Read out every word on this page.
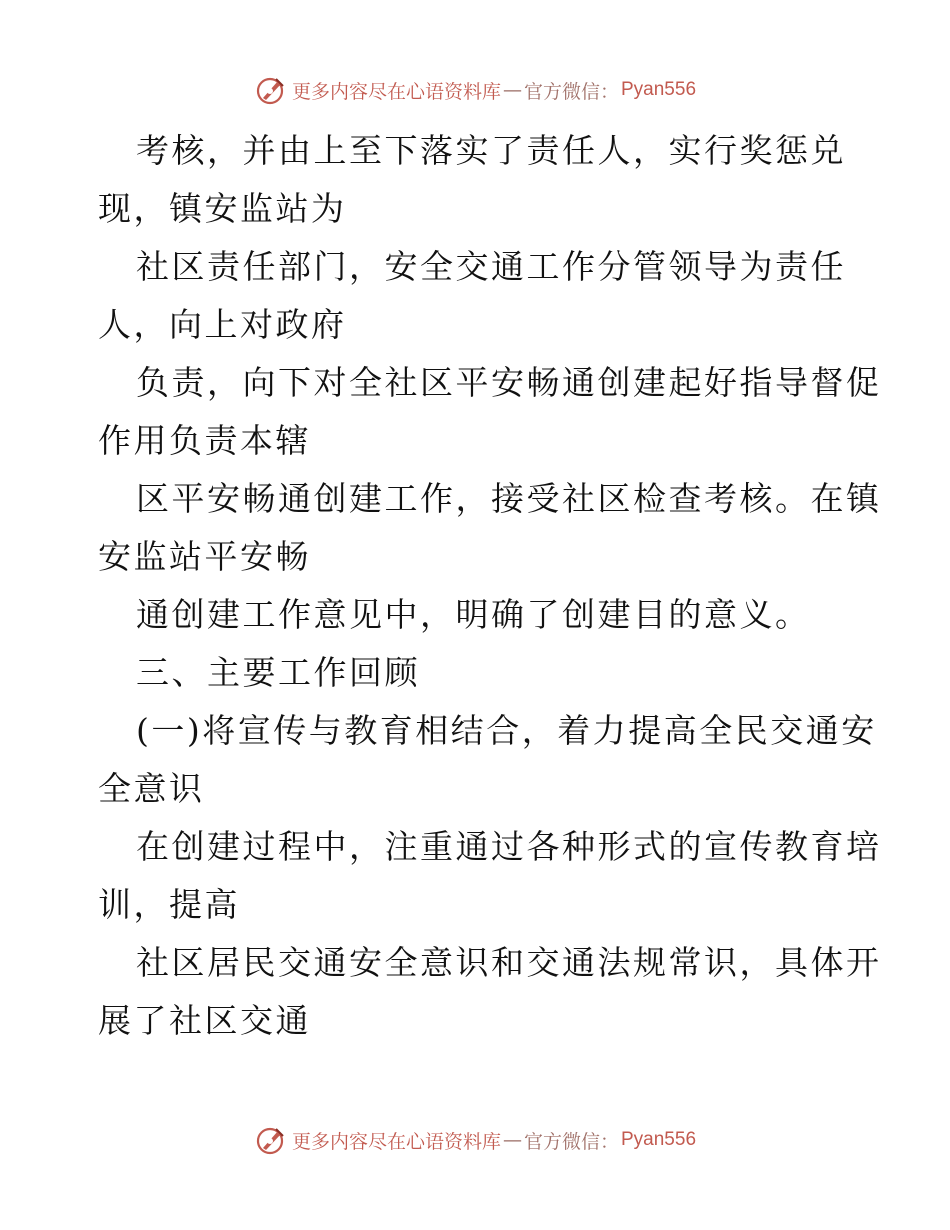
更多内容尽在心语资料库 — 官方微信： Pyan556
考核，并由上至下落实了责任人，实行奖惩兑
现，镇安监站为
社区责任部门，安全交通工作分管领导为责任
人，向上对政府
负责，向下对全社区平安畅通创建起好指导督促
作用负责本辖
区平安畅通创建工作，接受社区检查考核。在镇
安监站平安畅
通创建工作意见中，明确了创建目的意义。
三、主要工作回顾
(一)将宣传与教育相结合，着力提高全民交通安
全意识
在创建过程中，注重通过各种形式的宣传教育培
训，提高
社区居民交通安全意识和交通法规常识，具体开
展了社区交通
更多内容尽在心语资料库 — 官方微信： Pyan556
